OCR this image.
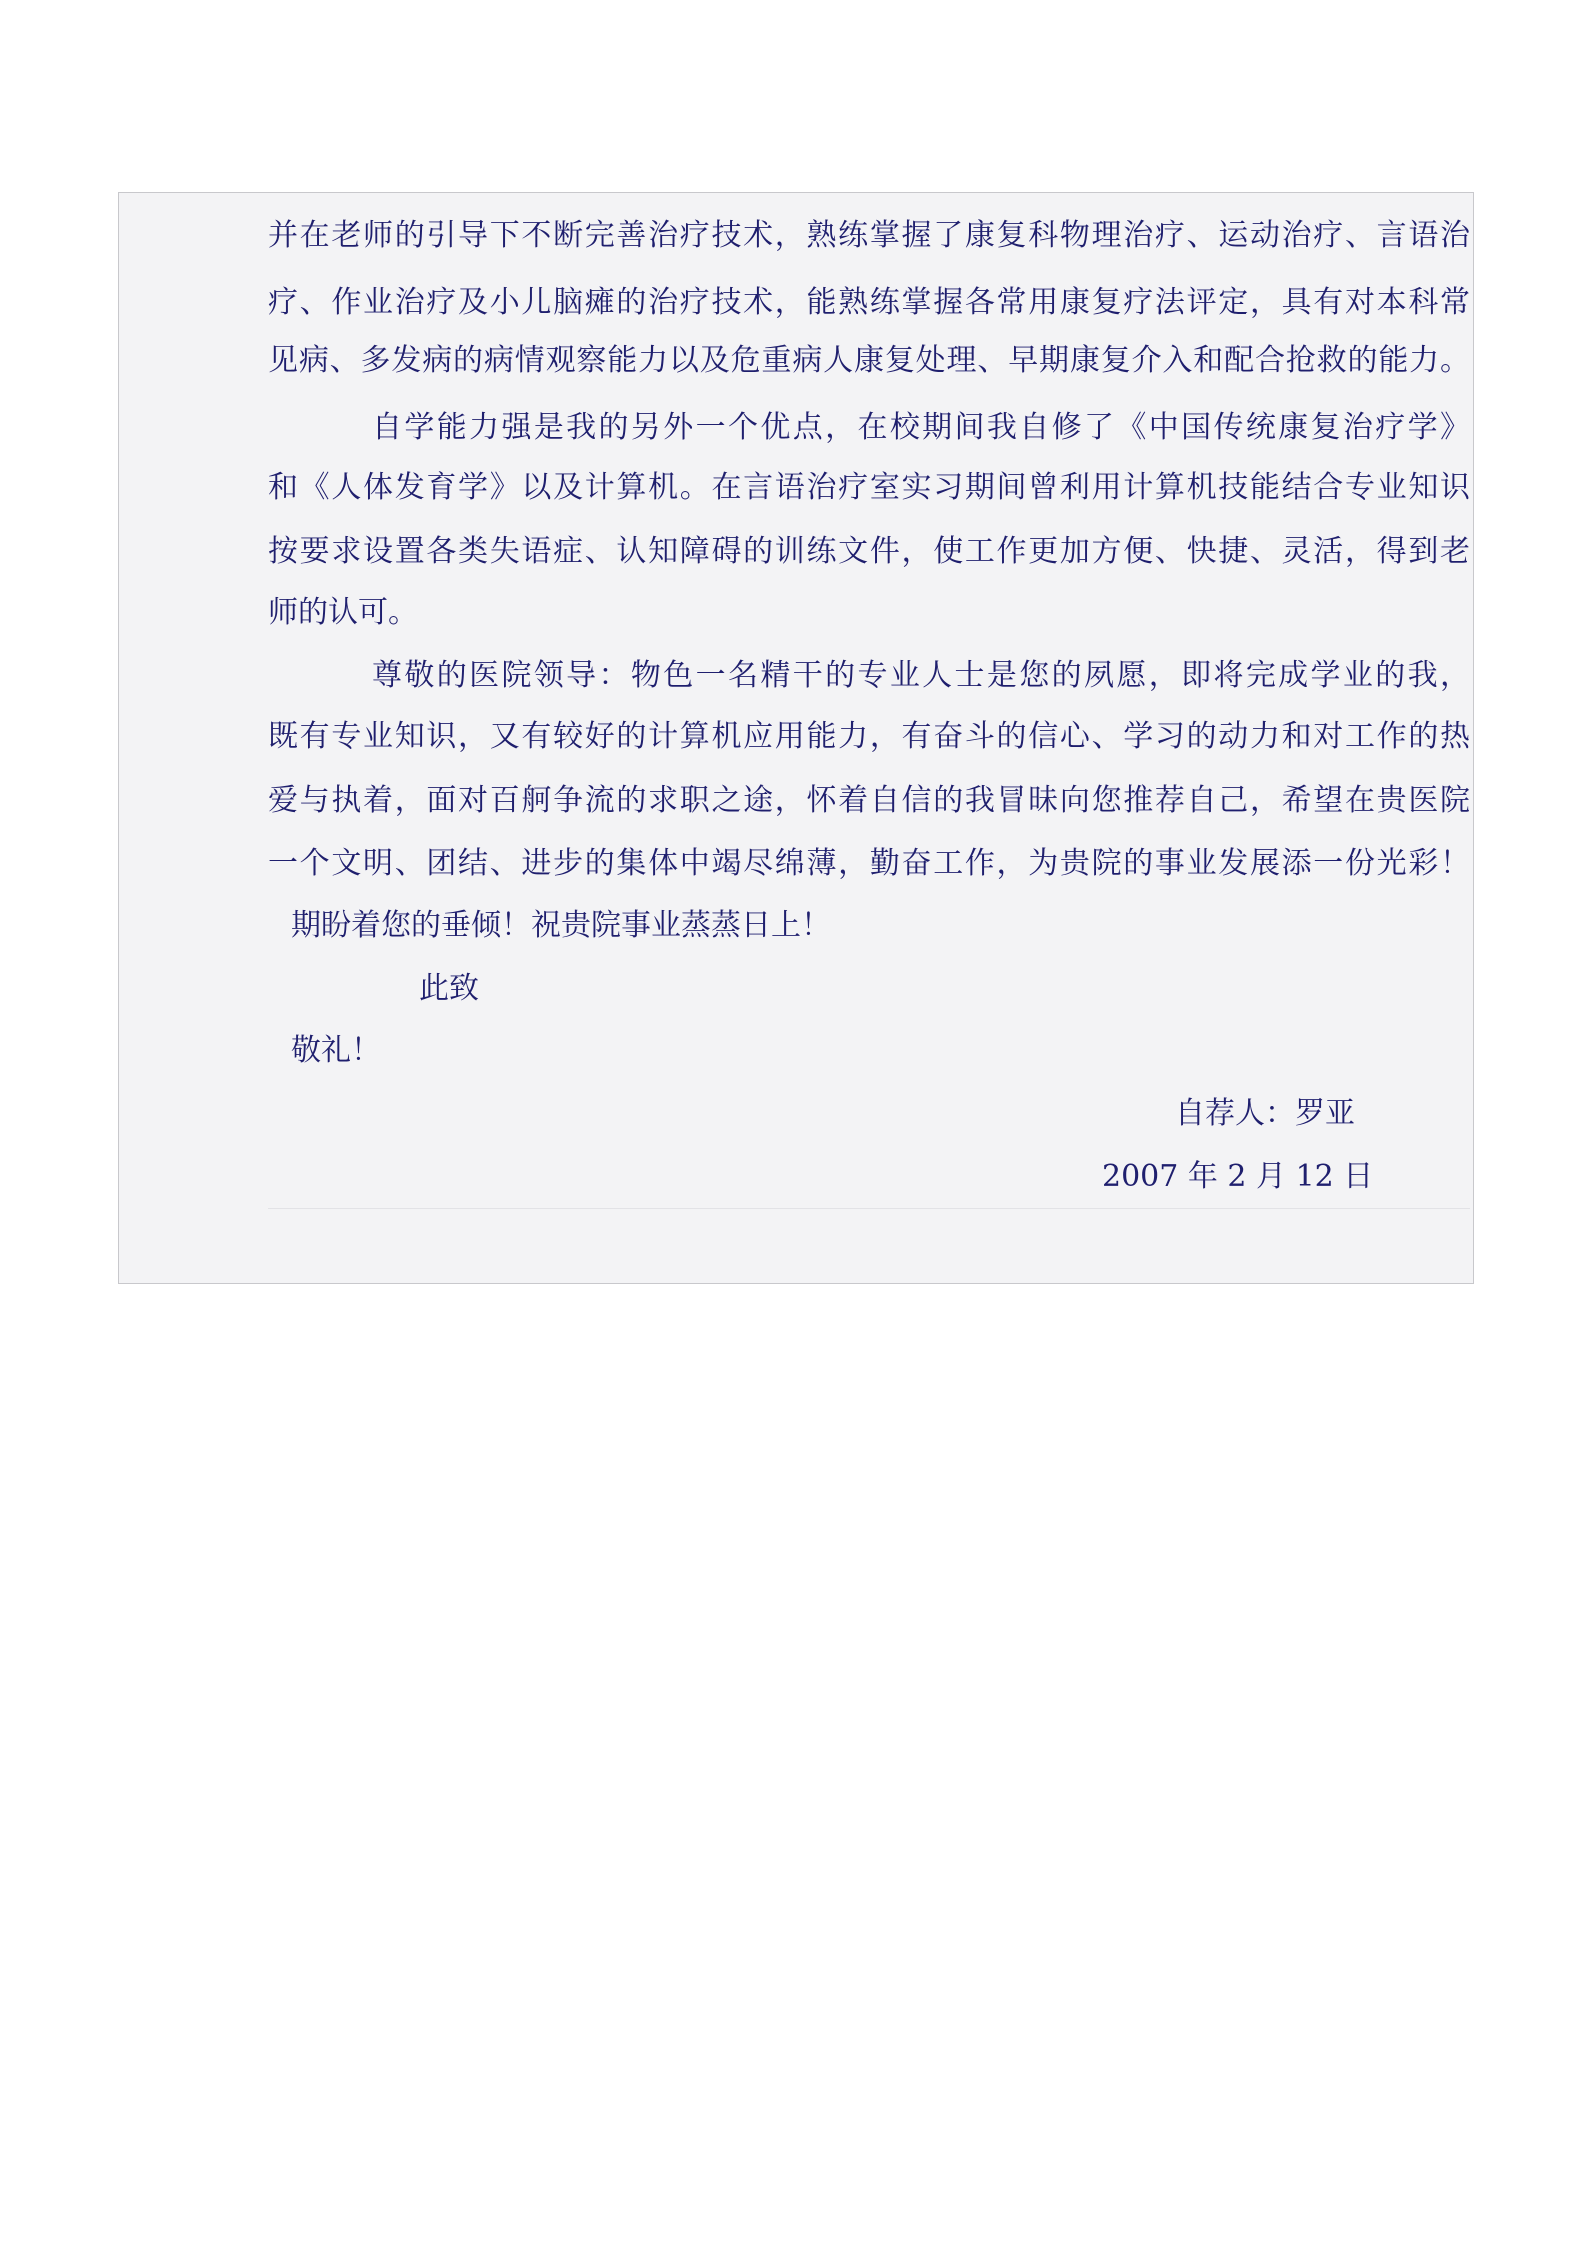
并在老师的引导下不断完善治疗技术，熟练掌握了康复科物理治疗、运动治疗、言语治
疗、作业治疗及小儿脑瘫的治疗技术，能熟练掌握各常用康复疗法评定，具有对本科常
见病、多发病的病情观察能力以及危重病人康复处理、早期康复介入和配合抢救的能力。
自学能力强是我的另外一个优点，在校期间我自修了《中国传统康复治疗学》
和《人体发育学》以及计算机。在言语治疗室实习期间曾利用计算机技能结合专业知识
按要求设置各类失语症、认知障碍的训练文件，使工作更加方便、快捷、灵活，得到老
师的认可。
尊敬的医院领导：物色一名精干的专业人士是您的夙愿，即将完成学业的我，
既有专业知识，又有较好的计算机应用能力，有奋斗的信心、学习的动力和对工作的热
爱与执着，面对百舸争流的求职之途，怀着自信的我冒昧向您推荐自己，希望在贵医院
一个文明、团结、进步的集体中竭尽绵薄，勤奋工作，为贵院的事业发展添一份光彩！
期盼着您的垂倾！祝贵院事业蒸蒸日上！
此致
敬礼！
自荐人：罗亚
2007 年 2 月 12 日
